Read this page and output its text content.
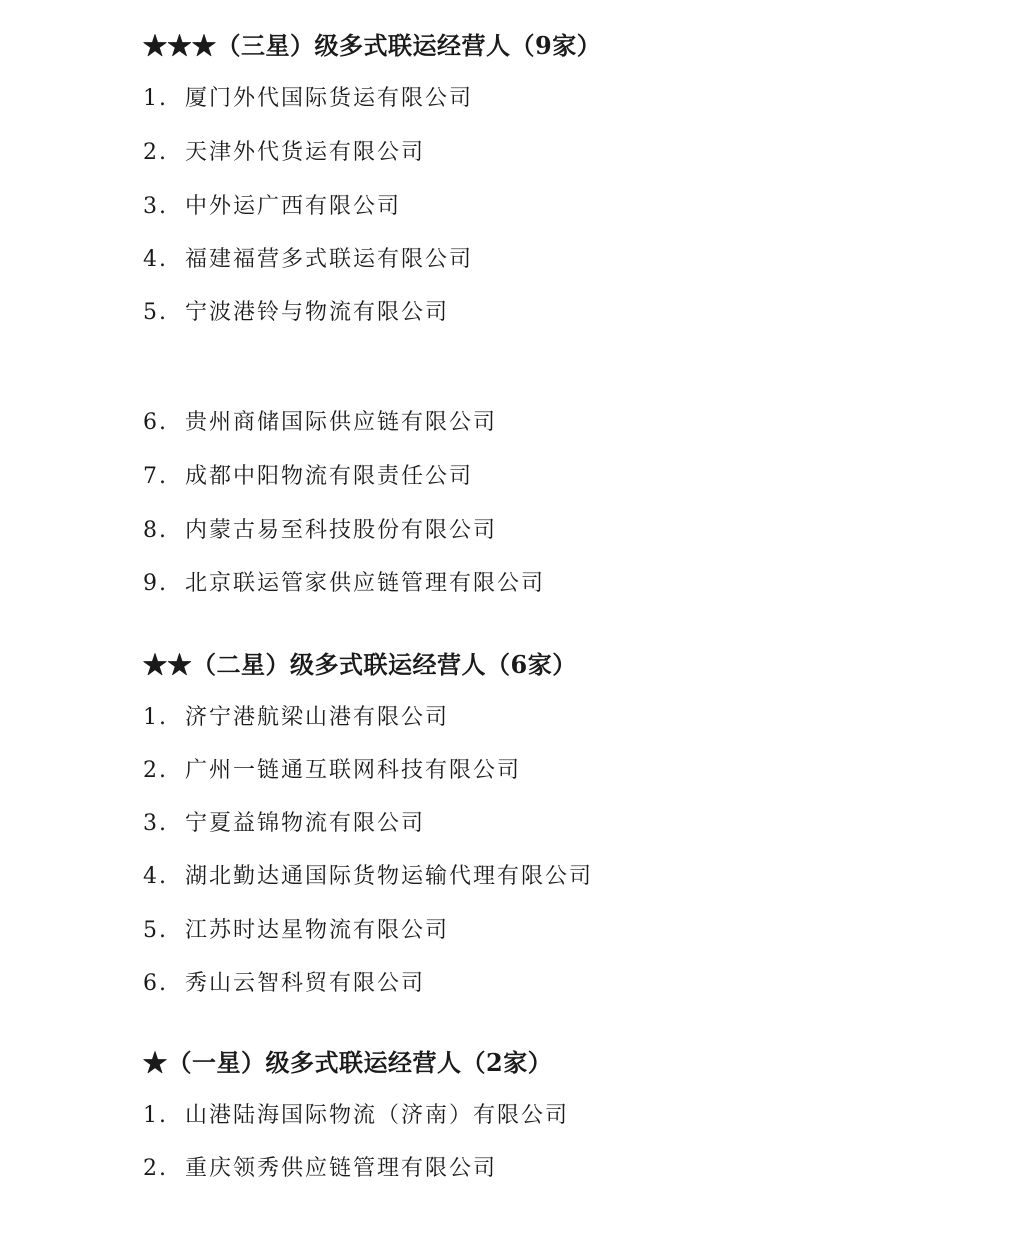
★★★（三星）级多式联运经营人（9家）
1. 厦门外代国际货运有限公司
2. 天津外代货运有限公司
3. 中外运广西有限公司
4. 福建福营多式联运有限公司
5. 宁波港铃与物流有限公司
6. 贵州商储国际供应链有限公司
7. 成都中阳物流有限责任公司
8. 内蒙古易至科技股份有限公司
9. 北京联运管家供应链管理有限公司
★★（二星）级多式联运经营人（6家）
1. 济宁港航梁山港有限公司
2. 广州一链通互联网科技有限公司
3. 宁夏益锦物流有限公司
4. 湖北勤达通国际货物运输代理有限公司
5. 江苏时达星物流有限公司
6. 秀山云智科贸有限公司
★（一星）级多式联运经营人（2家）
1. 山港陆海国际物流（济南）有限公司
2. 重庆领秀供应链管理有限公司
